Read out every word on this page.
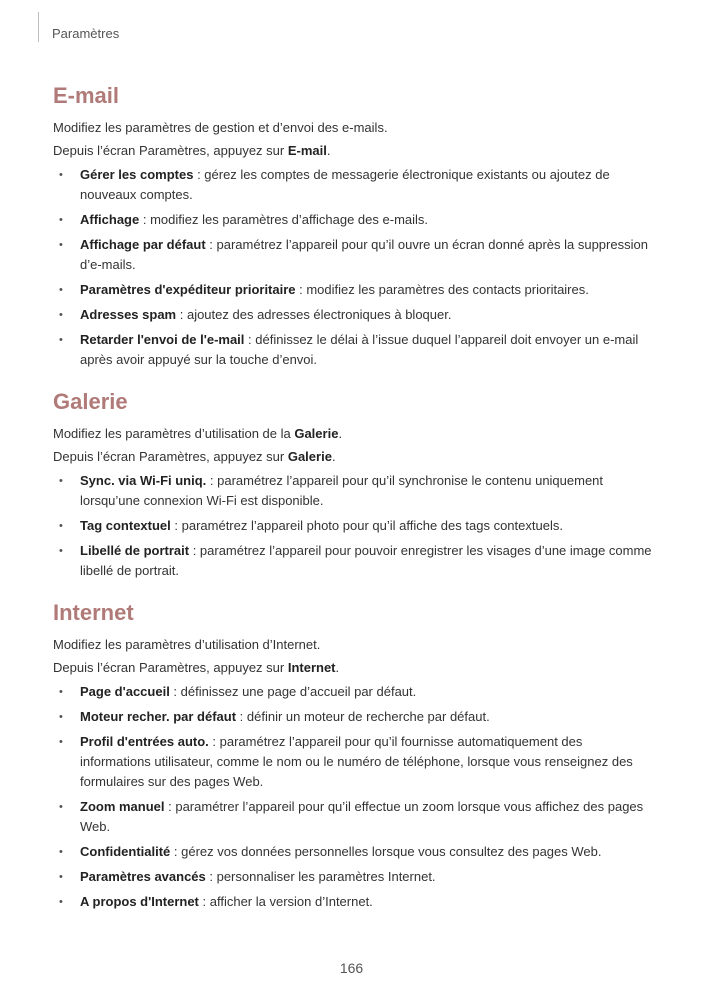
Paramètres
E-mail

Modifiez les paramètres de gestion et d’envoi des e-mails.

Depuis l’écran Paramètres, appuyez sur E-mail.

• Gérer les comptes : gérez les comptes de messagerie électronique existants ou ajoutez de nouveaux comptes.
• Affichage : modifiez les paramètres d’affichage des e-mails.
• Affichage par défaut : paramétrez l’appareil pour qu’il ouvre un écran donné après la suppression d’e-mails.
• Paramètres d'expéditeur prioritaire : modifiez les paramètres des contacts prioritaires.
• Adresses spam : ajoutez des adresses électroniques à bloquer.
• Retarder l'envoi de l'e-mail : définissez le délai à l’issue duquel l’appareil doit envoyer un e-mail après avoir appuyé sur la touche d’envoi.
Galerie

Modifiez les paramètres d’utilisation de la Galerie.

Depuis l’écran Paramètres, appuyez sur Galerie.

• Sync. via Wi-Fi uniq. : paramétrez l’appareil pour qu’il synchronise le contenu uniquement lorsqu’une connexion Wi-Fi est disponible.
• Tag contextuel : paramétrez l’appareil photo pour qu’il affiche des tags contextuels.
• Libellé de portrait : paramétrez l’appareil pour pouvoir enregistrer les visages d’une image comme libellé de portrait.
Internet

Modifiez les paramètres d’utilisation d’Internet.

Depuis l’écran Paramètres, appuyez sur Internet.

• Page d'accueil : définissez une page d’accueil par défaut.
• Moteur recher. par défaut : définir un moteur de recherche par défaut.
• Profil d'entrées auto. : paramétrez l’appareil pour qu’il fournisse automatiquement des informations utilisateur, comme le nom ou le numéro de téléphone, lorsque vous renseignez des formulaires sur des pages Web.
• Zoom manuel : paramétrer l’appareil pour qu’il effectue un zoom lorsque vous affichez des pages Web.
• Confidentialité : gérez vos données personnelles lorsque vous consultez des pages Web.
• Paramètres avancés : personnaliser les paramètres Internet.
• A propos d'Internet : afficher la version d’Internet.
166
